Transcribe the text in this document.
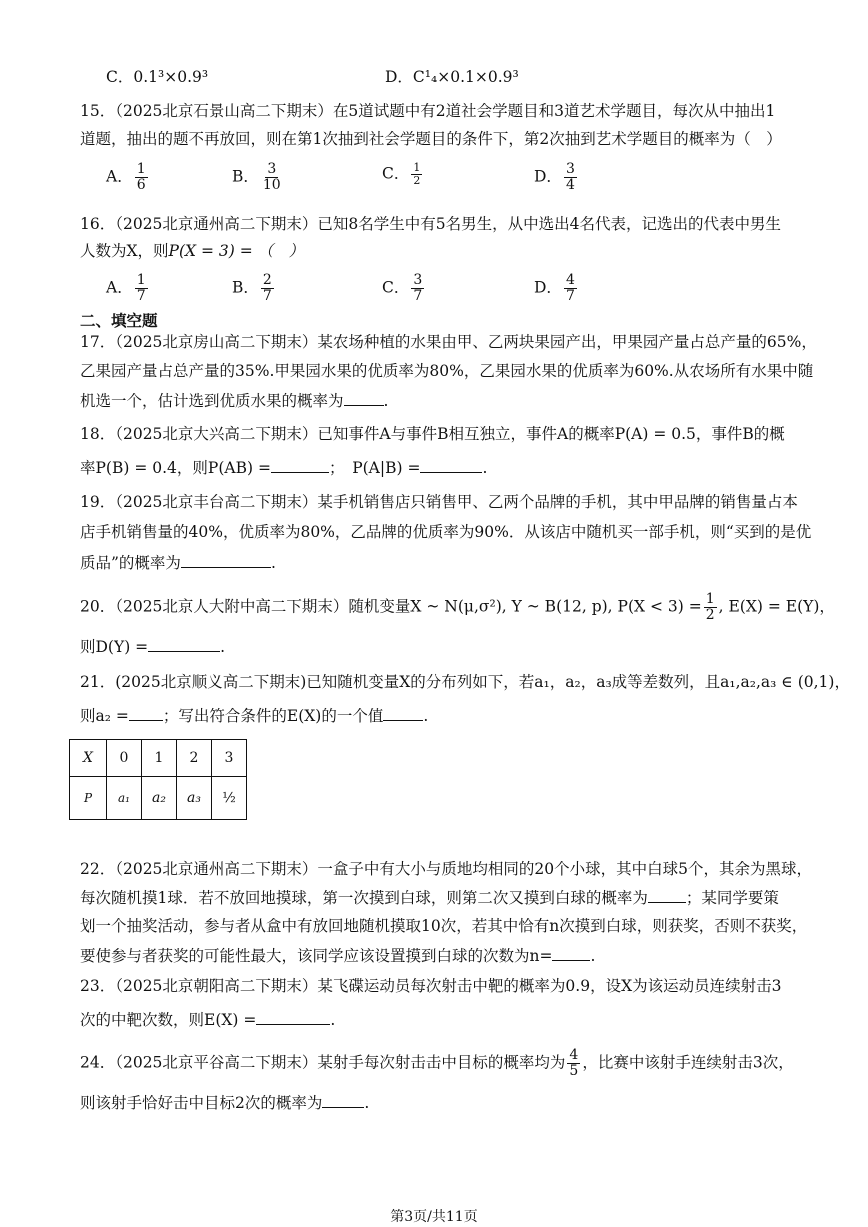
C．0.1³×0.9³	D．C¹₄×0.1×0.9³
15．（2025北京石景山高二下期末）在5道试题中有2道社会学题目和3道艺术学题目，每次从中抽出1
道题，抽出的题不再放回，则在第1次抽到社会学题目的条件下，第2次抽到艺术学题目的概率为（　）
A． $\frac{1}{6}$	B． $\frac{3}{10}$	C． $\frac{1}{2}$	D． $\frac{3}{4}$
16．（2025北京通州高二下期末）已知8名学生中有5名男生，从中选出4名代表，记选出的代表中男生
人数为X，则P(X = 3) = （　）
A． $\frac{1}{7}$	B． $\frac{2}{7}$	C． $\frac{3}{7}$	D． $\frac{4}{7}$
二、填空题
17．（2025北京房山高二下期末）某农场种植的水果由甲、乙两块果园产出，甲果园产量占总产量的65%，
乙果园产量占总产量的35%.甲果园水果的优质率为80%，乙果园水果的优质率为60%.从农场所有水果中随
机选一个，估计选到优质水果的概率为	.
18．（2025北京大兴高二下期末）已知事件A与事件B相互独立，事件A的概率P(A) = 0.5，事件B的概
率P(B) = 0.4，则P(AB) =	；　P(A|B) =	.
19．（2025北京丰台高二下期末）某手机销售店只销售甲、乙两个品牌的手机，其中甲品牌的销售量占本
店手机销售量的40%，优质率为80%，乙品牌的优质率为90%．从该店中随机买一部手机，则“买到的是优
质品”的概率为	.
20．（2025北京人大附中高二下期末）随机变量X ~ N(μ,σ²), Y ~ B(12, p), $P(X < 3) = \frac{1}{2}$ , E(X) = E(Y)，
则D(Y) =	.
21．(2025北京顺义高二下期末)已知随机变量X的分布列如下，若a₁，a₂，a₃成等差数列，且a₁,a₂,a₃ ∈ (0,1)，
则a₂ = ；写出符合条件的E(X)的一个值	.
X	0	1	2	3
P	a₁	a₂	a₃	½
22．（2025北京通州高二下期末）一盒子中有大小与质地均相同的20个小球，其中白球5个，其余为黑球，
每次随机摸1球．若不放回地摸球，第一次摸到白球，则第二次又摸到白球的概率为 ；某同学要策
划一个抽奖活动，参与者从盒中有放回地随机摸取10次，若其中恰有n次摸到白球，则获奖，否则不获奖，
要使参与者获奖的可能性最大，该同学应该设置摸到白球的次数为n= .
23．（2025北京朝阳高二下期末）某飞碟运动员每次射击中靶的概率为0.9，设X为该运动员连续射击3
次的中靶次数，则E(X) =	.
24．（2025北京平谷高二下期末）某射手每次射击击中目标的概率均为 $\frac{4}{5}$ ，比赛中该射手连续射击3次，
则该射手恰好击中目标2次的概率为	.
第3页/共11页
